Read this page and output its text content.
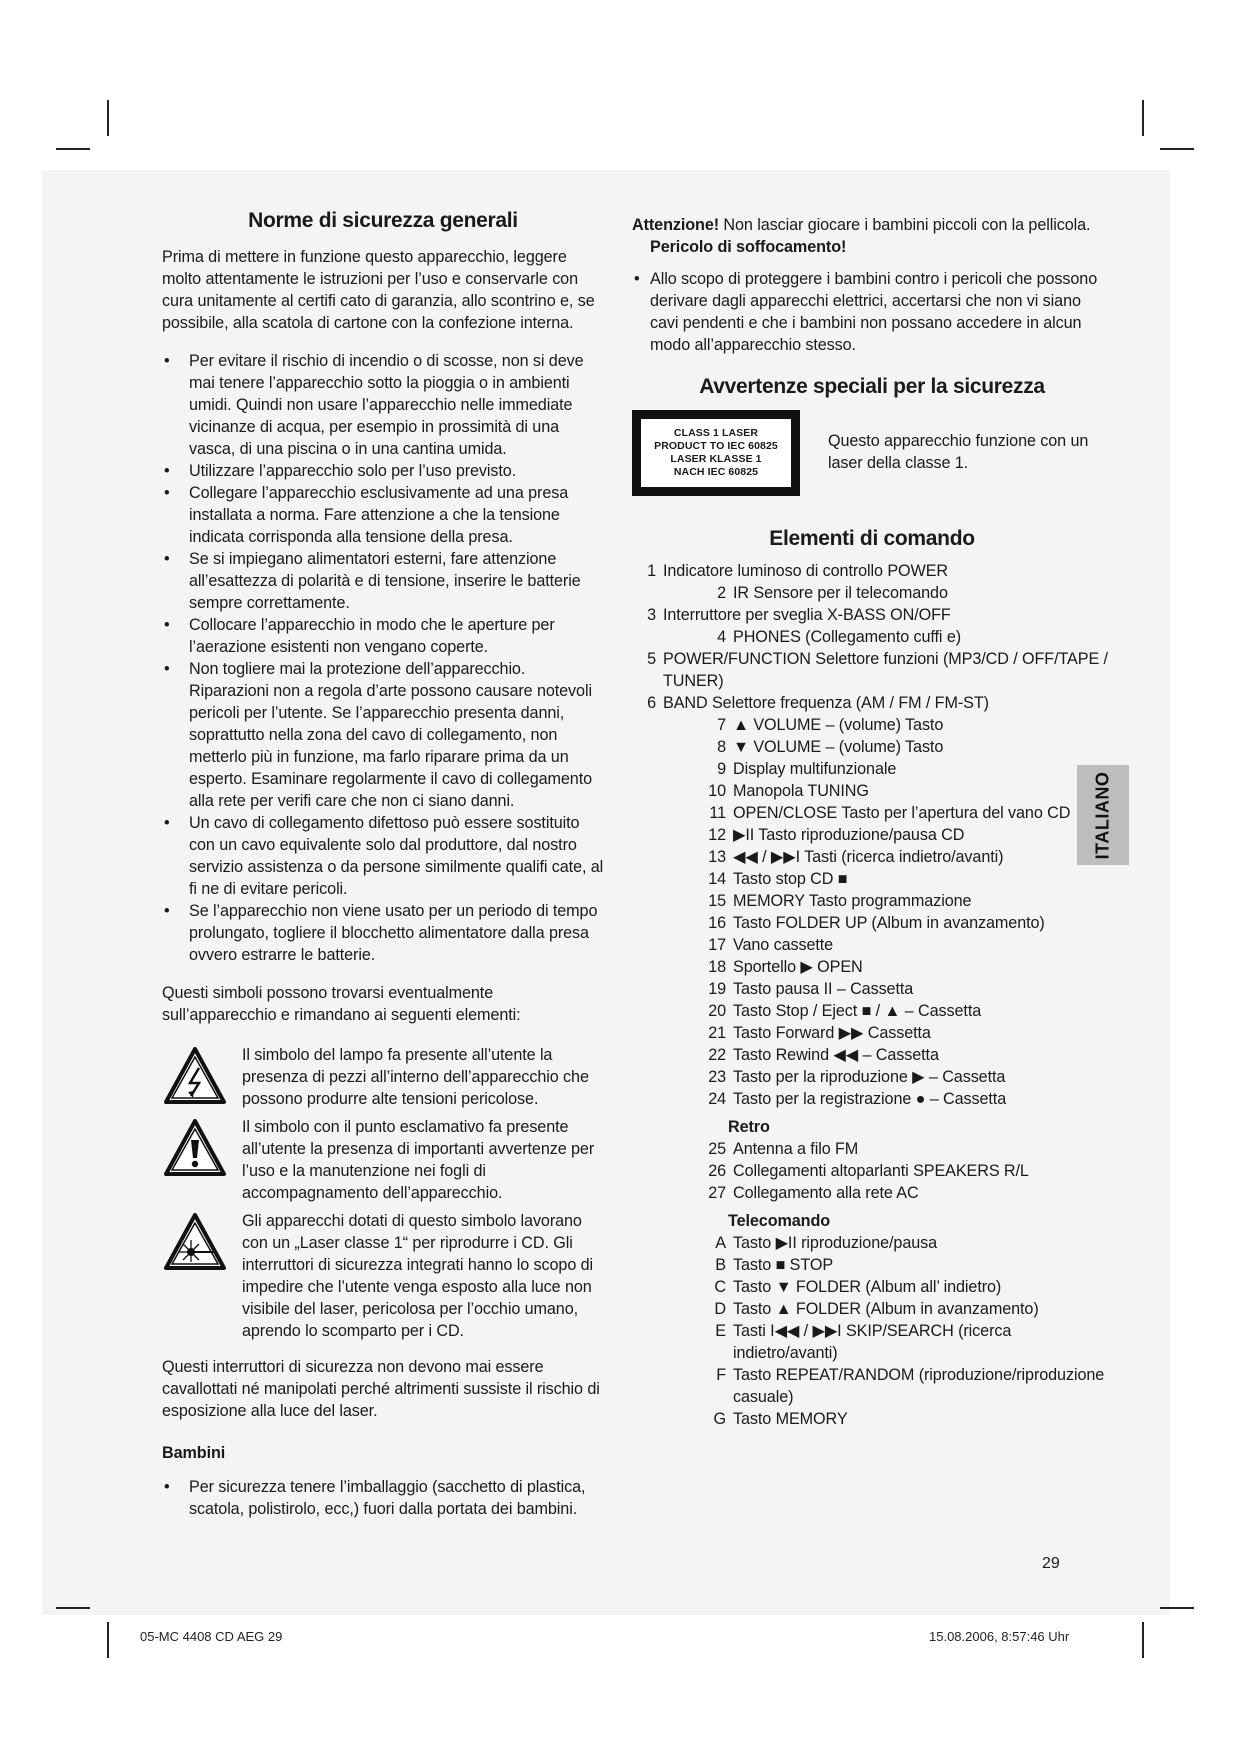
Norme di sicurezza generali

Prima di mettere in funzione questo apparecchio, leggere molto attentamente le istruzioni per l’uso e conservarle con cura unitamente al certifi cato di garanzia, allo scontrino e, se possibile, alla scatola di cartone con la confezione interna.

• Per evitare il rischio di incendio o di scosse, non si deve mai tenere l’apparecchio sotto la pioggia o in ambienti umidi. Quindi non usare l’apparecchio nelle immediate vicinanze di acqua, per esempio in prossimità di una vasca, di una piscina o in una cantina umida.
• Utilizzare l’apparecchio solo per l’uso previsto.
• Collegare l’apparecchio esclusivamente ad una presa installata a norma. Fare attenzione a che la tensione indicata corrisponda alla tensione della presa.
• Se si impiegano alimentatori esterni, fare attenzione all’esattezza di polarità e di tensione, inserire le batterie sempre correttamente.
• Collocare l’apparecchio in modo che le aperture per l’aerazione esistenti non vengano coperte.
• Non togliere mai la protezione dell’apparecchio. Riparazioni non a regola d’arte possono causare notevoli pericoli per l’utente. Se l’apparecchio presenta danni, soprattutto nella zona del cavo di collegamento, non metterlo più in funzione, ma farlo riparare prima da un esperto. Esaminare regolarmente il cavo di collegamento alla rete per verifi care che non ci siano danni.
• Un cavo di collegamento difettoso può essere sostituito con un cavo equivalente solo dal produttore, dal nostro servizio assistenza o da persone similmente qualifi cate, al fi ne di evitare pericoli.
• Se l’apparecchio non viene usato per un periodo di tempo prolungato, togliere il blocchetto alimentatore dalla presa ovvero estrarre le batterie.

Questi simboli possono trovarsi eventualmente sull’apparecchio e rimandano ai seguenti elementi:

Il simbolo del lampo fa presente all’utente la presenza di pezzi all’interno dell’apparecchio che possono produrre alte tensioni pericolose.
Il simbolo con il punto esclamativo fa presente all’utente la presenza di importanti avvertenze per l’uso e la manutenzione nei fogli di accompagnamento dell’apparecchio.
Gli apparecchi dotati di questo simbolo lavorano con un „Laser classe 1“ per riprodurre i CD. Gli interruttori di sicurezza integrati hanno lo scopo di impedire che l’utente venga esposto alla luce non visibile del laser, pericolosa per l’occhio umano, aprendo lo scomparto per i CD.

Questi interruttori di sicurezza non devono mai essere cavallottati né manipolati perché altrimenti sussiste il rischio di esposizione alla luce del laser.

Bambini

• Per sicurezza tenere l’imballaggio (sacchetto di plastica, scatola, polistirolo, ecc,) fuori dalla portata dei bambini.

Attenzione! Non lasciar giocare i bambini piccoli con la pellicola. Pericolo di soffocamento!

• Allo scopo di proteggere i bambini contro i pericoli che possono derivare dagli apparecchi elettrici, accertarsi che non vi siano cavi pendenti e che i bambini non possano accedere in alcun modo all’apparecchio stesso.
Avvertenze speciali per la sicurezza
CLASS 1 LASER
PRODUCT TO IEC 60825
LASER KLASSE 1
NACH IEC 60825

Questo apparecchio funzione con un laser della classe 1.

Elementi di comando
1 Indicatore luminoso di controllo POWER
2 IR Sensore per il telecomando
3 Interruttore per sveglia X-BASS ON/OFF
4 PHONES (Collegamento cuffi e)
5 POWER/FUNCTION Selettore funzioni (MP3/CD / OFF/TAPE / TUNER)
6 BAND Selettore frequenza (AM / FM / FM-ST)
7 ▲ VOLUME – (volume) Tasto
8 ▼ VOLUME – (volume) Tasto
9 Display multifunzionale
10 Manopola TUNING
11 OPEN/CLOSE Tasto per l’apertura del vano CD
12 ▶II Tasto riproduzione/pausa CD
13 ◀◀ / ▶▶I Tasti (ricerca indietro/avanti)
14 Tasto stop CD ■
15 MEMORY Tasto programmazione
16 Tasto FOLDER UP (Album in avanzamento)
17 Vano cassette
18 Sportello ▶ OPEN
19 Tasto pausa II – Cassetta
20 Tasto Stop / Eject ■ / ▲ – Cassetta
21 Tasto Forward ▶▶ Cassetta
22 Tasto Rewind ◀◀ – Cassetta
23 Tasto per la riproduzione ▶ – Cassetta
24 Tasto per la registrazione ● – Cassetta

Retro

25 Antenna a filo FM
26 Collegamenti altoparlanti SPEAKERS R/L
27 Collegamento alla rete AC

Telecomando

A Tasto ▶II riproduzione/pausa
B Tasto ■ STOP
C Tasto ▼ FOLDER (Album all’ indietro)
D Tasto ▲ FOLDER (Album in avanzamento)
E Tasti I◀◀ / ▶▶I SKIP/SEARCH (ricerca indietro/avanti)
F Tasto REPEAT/RANDOM (riproduzione/riproduzione casuale)
G Tasto MEMORY
ITALIANO
29
05-MC 4408 CD AEG 29	15.08.2006, 8:57:46 Uhr
